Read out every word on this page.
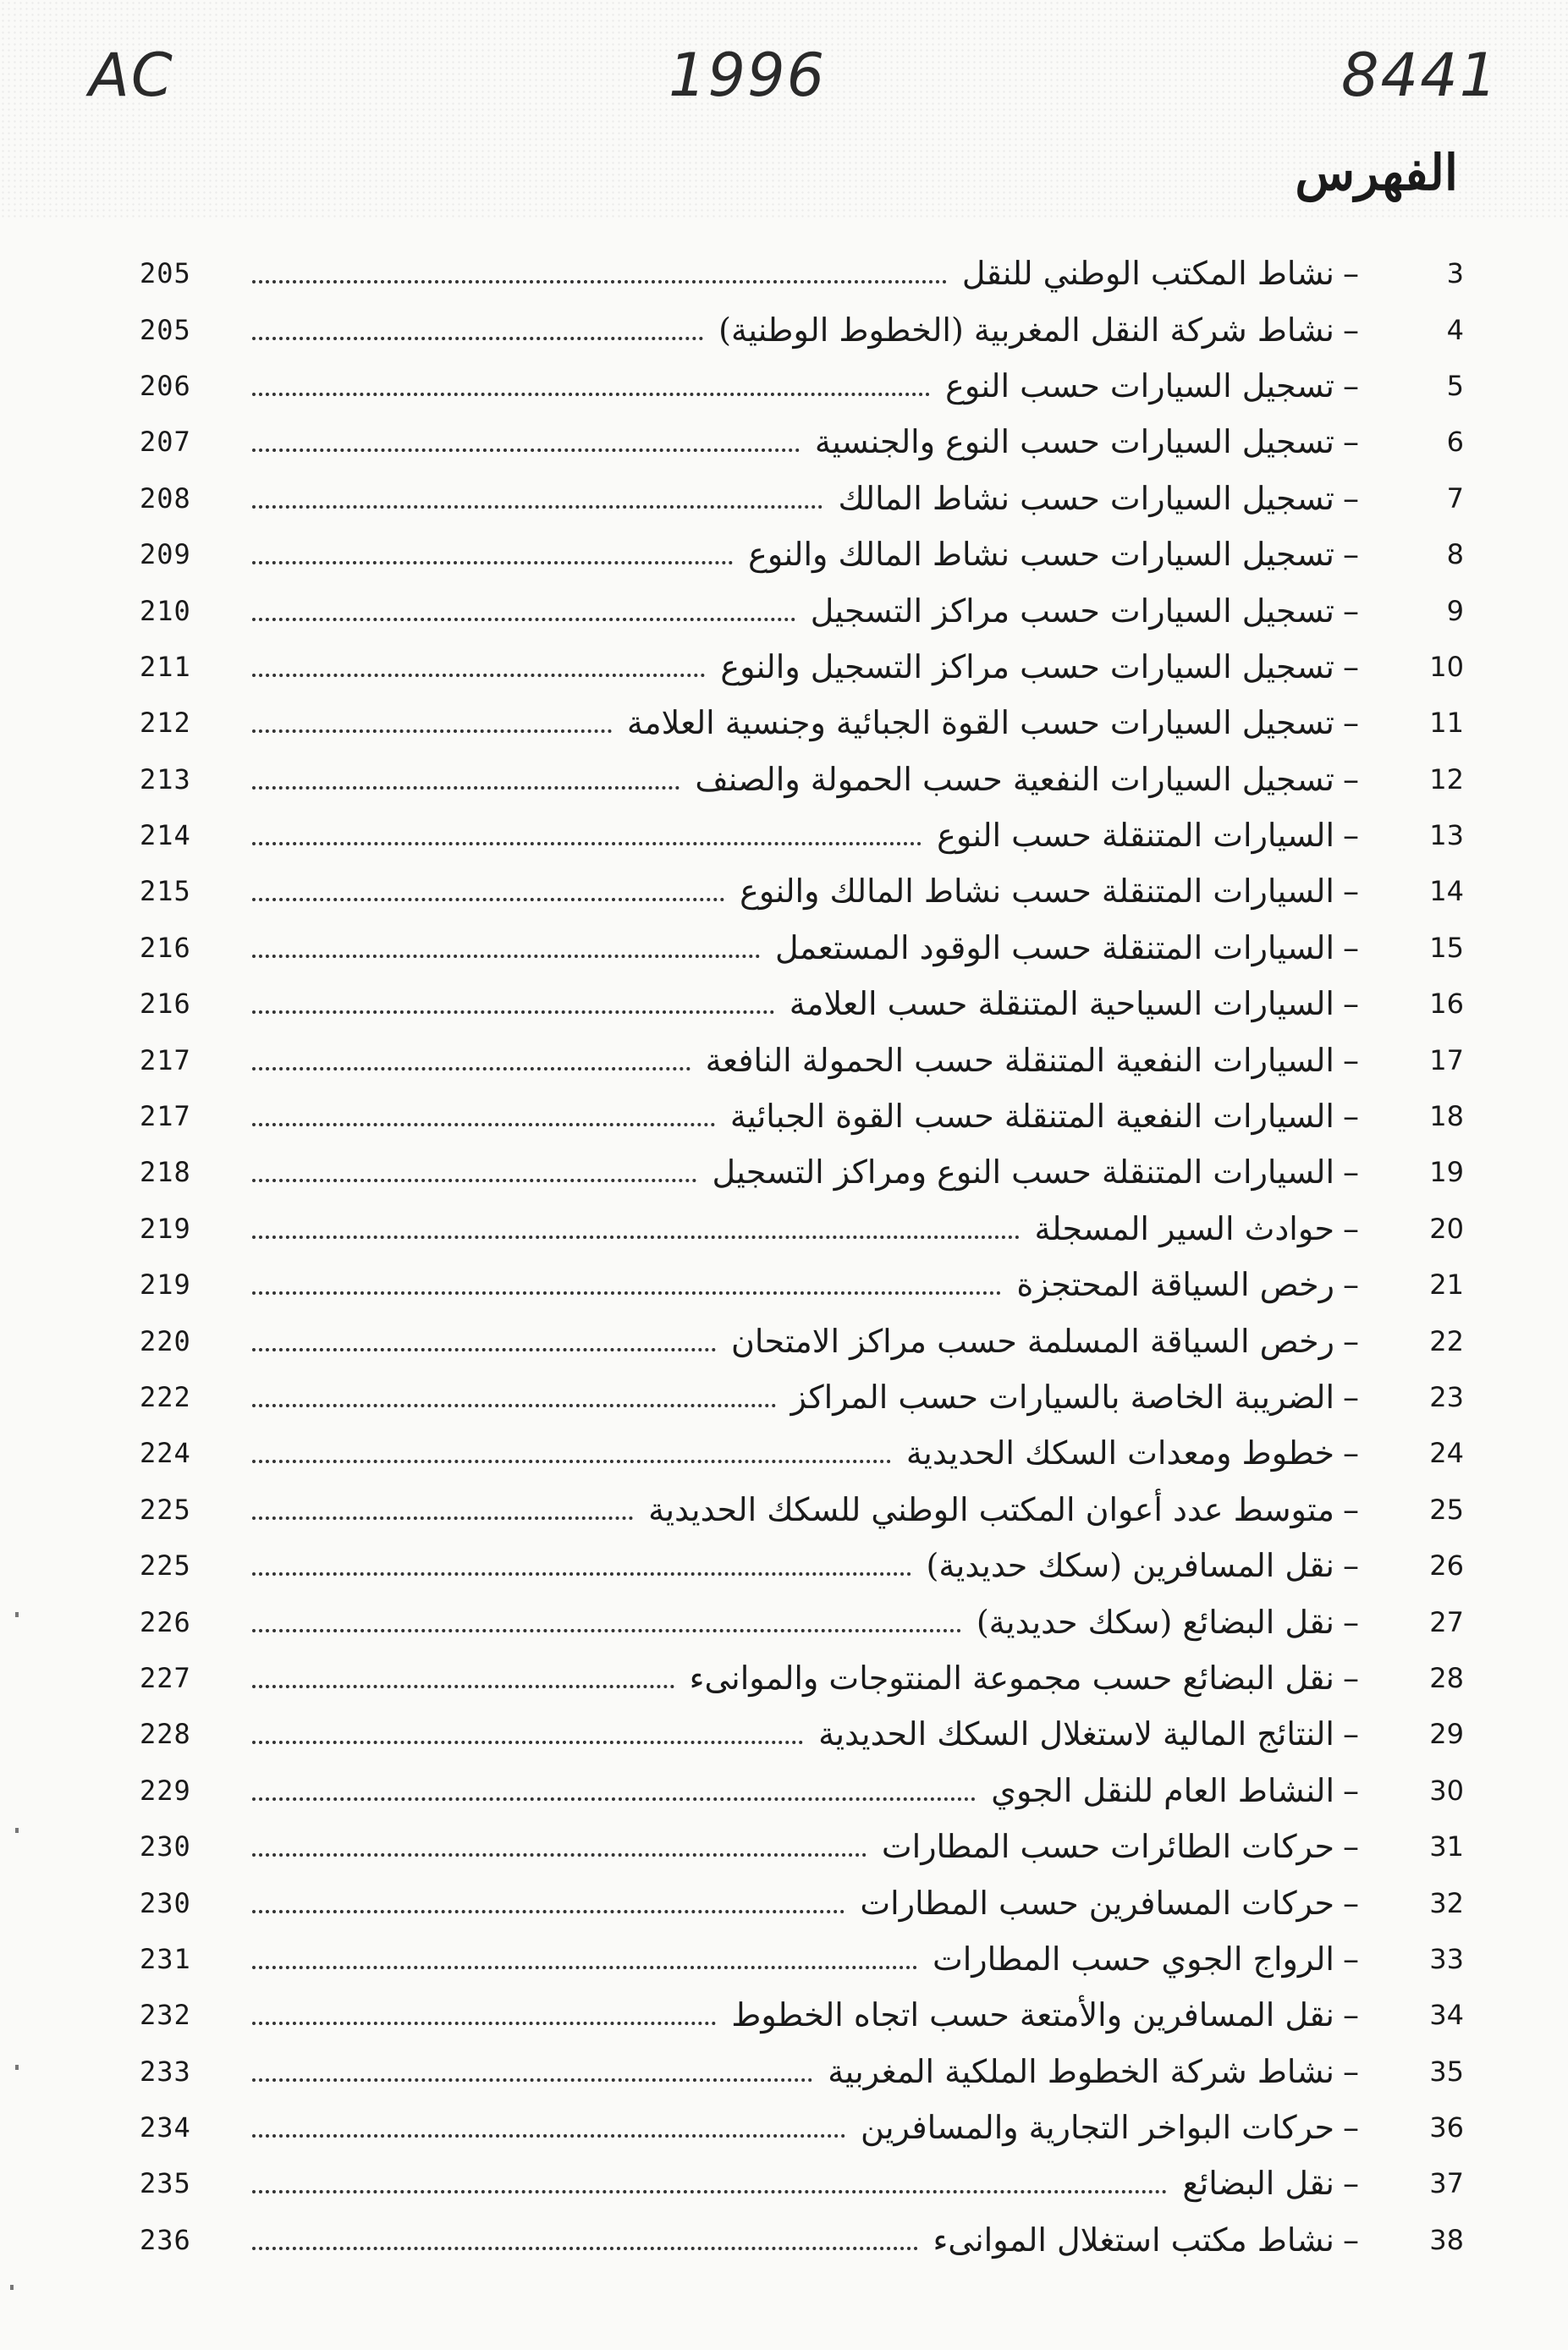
AC	1996	8441
الفهرس
205	نشاط المكتب الوطني للنقل –	3
205	نشاط شركة النقل المغربية (الخطوط الوطنية) –	4
206	تسجيل السيارات حسب النوع –	5
207	تسجيل السيارات حسب النوع والجنسية –	6
208	تسجيل السيارات حسب نشاط المالك –	7
209	تسجيل السيارات حسب نشاط المالك والنوع –	8
210	تسجيل السيارات حسب مراكز التسجيل –	9
211	تسجيل السيارات حسب مراكز التسجيل والنوع –	10
212	تسجيل السيارات حسب القوة الجبائية وجنسية العلامة –	11
213	تسجيل السيارات النفعية حسب الحمولة والصنف –	12
214	السيارات المتنقلة حسب النوع –	13
215	السيارات المتنقلة حسب نشاط المالك والنوع –	14
216	السيارات المتنقلة حسب الوقود المستعمل –	15
216	السيارات السياحية المتنقلة حسب العلامة –	16
217	السيارات النفعية المتنقلة حسب الحمولة النافعة –	17
217	السيارات النفعية المتنقلة حسب القوة الجبائية –	18
218	السيارات المتنقلة حسب النوع ومراكز التسجيل –	19
219	حوادث السير المسجلة –	20
219	رخص السياقة المحتجزة –	21
220	رخص السياقة المسلمة حسب مراكز الامتحان –	22
222	الضريبة الخاصة بالسيارات حسب المراكز –	23
224	خطوط ومعدات السكك الحديدية –	24
225	متوسط عدد أعوان المكتب الوطني للسكك الحديدية –	25
225	نقل المسافرين (سكك حديدية) –	26
226	نقل البضائع (سكك حديدية) –	27
227	نقل البضائع حسب مجموعة المنتوجات والموانىء –	28
228	النتائج المالية لاستغلال السكك الحديدية –	29
229	النشاط العام للنقل الجوي –	30
230	حركات الطائرات حسب المطارات –	31
230	حركات المسافرين حسب المطارات –	32
231	الرواج الجوي حسب المطارات –	33
232	نقل المسافرين والأمتعة حسب اتجاه الخطوط –	34
233	نشاط شركة الخطوط الملكية المغربية –	35
234	حركات البواخر التجارية والمسافرين –	36
235	نقل البضائع –	37
236	نشاط مكتب استغلال الموانىء –	38
